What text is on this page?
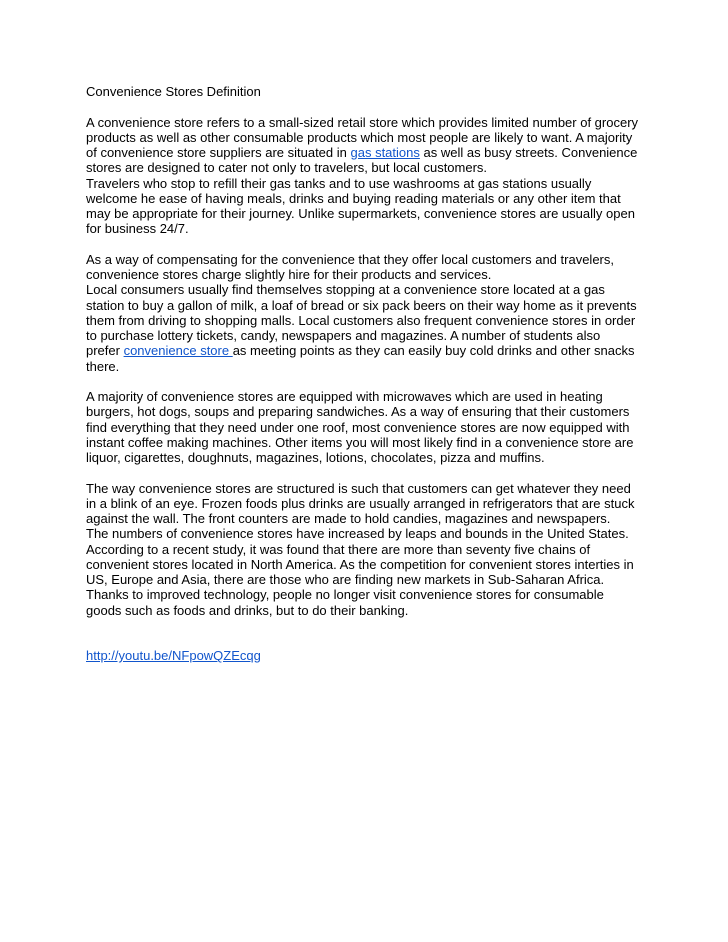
Convenience Stores Definition
A convenience store refers to a small-sized retail store which provides limited number of grocery
products as well as other consumable products which most people are likely to want. A majority
of convenience store suppliers are situated in gas stations as well as busy streets. Convenience
stores are designed to cater not only to travelers, but local customers.
Travelers who stop to refill their gas tanks and to use washrooms at gas stations usually
welcome he ease of having meals, drinks and buying reading materials or any other item that
may be appropriate for their journey. Unlike supermarkets, convenience stores are usually open
for business 24/7.
As a way of compensating for the convenience that they offer local customers and travelers,
convenience stores charge slightly hire for their products and services.
Local consumers usually find themselves stopping at a convenience store located at a gas
station to buy a gallon of milk, a loaf of bread or six pack beers on their way home as it prevents
them from driving to shopping malls. Local customers also frequent convenience stores in order
to purchase lottery tickets, candy, newspapers and magazines. A number of students also
prefer convenience store as meeting points as they can easily buy cold drinks and other snacks
there.
A majority of convenience stores are equipped with microwaves which are used in heating
burgers, hot dogs, soups and preparing sandwiches. As a way of ensuring that their customers
find everything that they need under one roof, most convenience stores are now equipped with
instant coffee making machines. Other items you will most likely find in a convenience store are
liquor, cigarettes, doughnuts, magazines, lotions, chocolates, pizza and muffins.
The way convenience stores are structured is such that customers can get whatever they need
in a blink of an eye. Frozen foods plus drinks are usually arranged in refrigerators that are stuck
against the wall. The front counters are made to hold candies, magazines and newspapers.
The numbers of convenience stores have increased by leaps and bounds in the United States.
According to a recent study, it was found that there are more than seventy five chains of
convenient stores located in North America. As the competition for convenient stores interties in
US, Europe and Asia, there are those who are finding new markets in Sub-Saharan Africa.
Thanks to improved technology, people no longer visit convenience stores for consumable
goods such as foods and drinks, but to do their banking.
http://youtu.be/NFpowQZEcqg
